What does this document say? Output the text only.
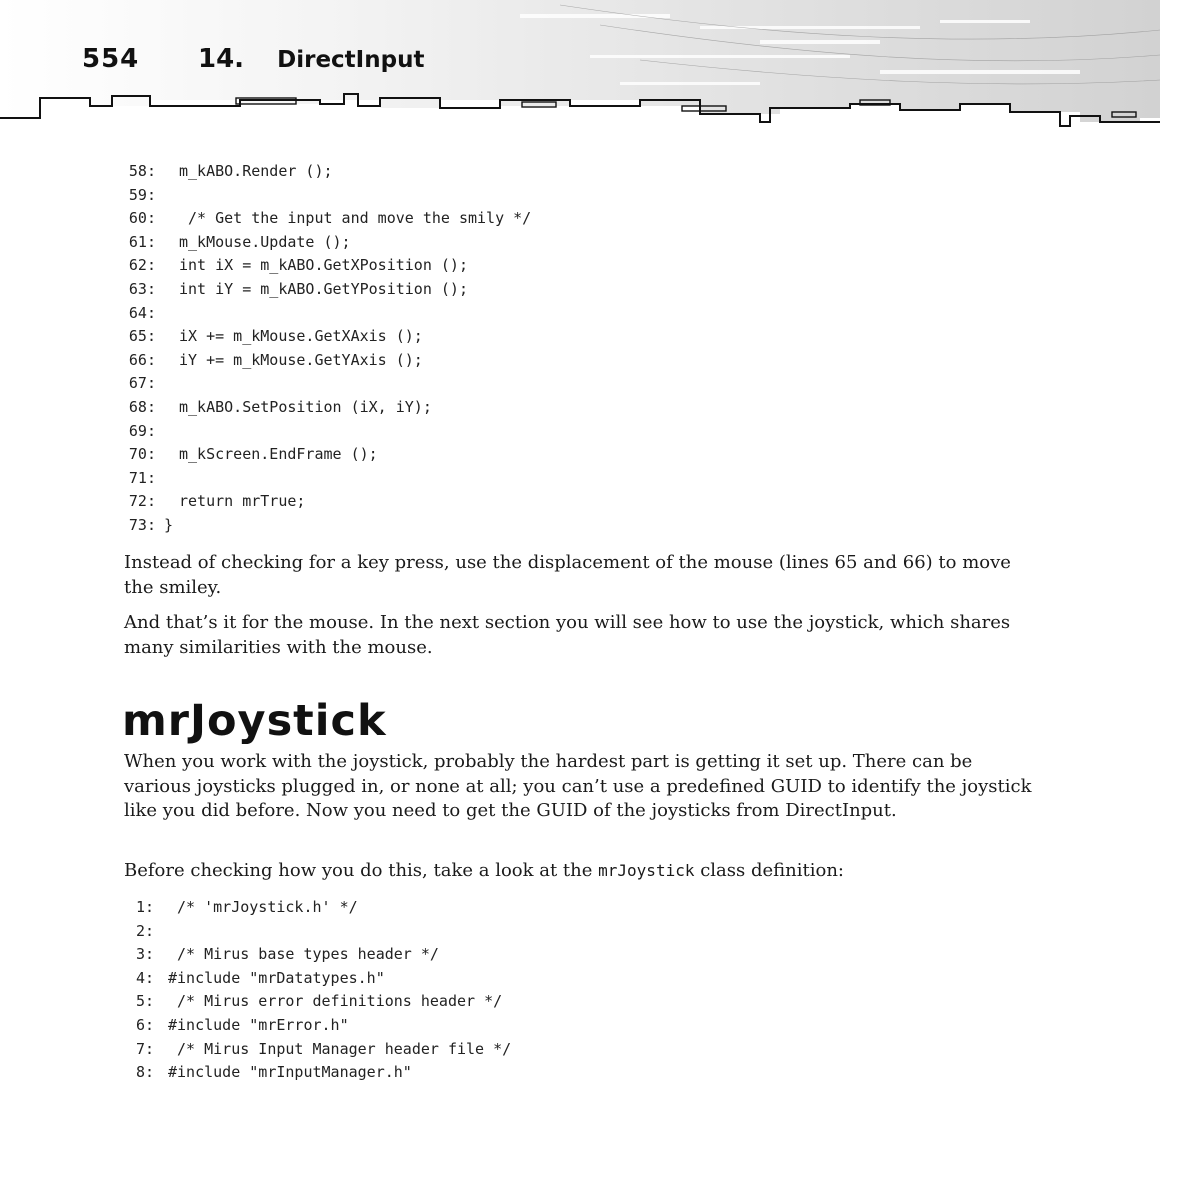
554 14. DirectInput
58: m_kABO.Render ();
59:
60: /* Get the input and move the smily */
61: m_kMouse.Update ();
62: int iX = m_kABO.GetXPosition ();
63: int iY = m_kABO.GetYPosition ();
64:
65: iX += m_kMouse.GetXAxis ();
66: iY += m_kMouse.GetYAxis ();
67:
68: m_kABO.SetPosition (iX, iY);
69:
70: m_kScreen.EndFrame ();
71:
72: return mrTrue;
73: }

Instead of checking for a key press, use the displacement of the mouse (lines 65 and 66) to move the smiley.

And that’s it for the mouse. In the next section you will see how to use the joystick, which shares many similarities with the mouse.

mrJoystick

When you work with the joystick, probably the hardest part is getting it set up. There can be various joysticks plugged in, or none at all; you can’t use a predefined GUID to identify the joystick like you did before. Now you need to get the GUID of the joysticks from DirectInput.

Before checking how you do this, take a look at the mrJoystick class definition:

1: /* 'mrJoystick.h' */
2:
3: /* Mirus base types header */
4: #include "mrDatatypes.h"
5: /* Mirus error definitions header */
6: #include "mrError.h"
7: /* Mirus Input Manager header file */
8: #include "mrInputManager.h"
